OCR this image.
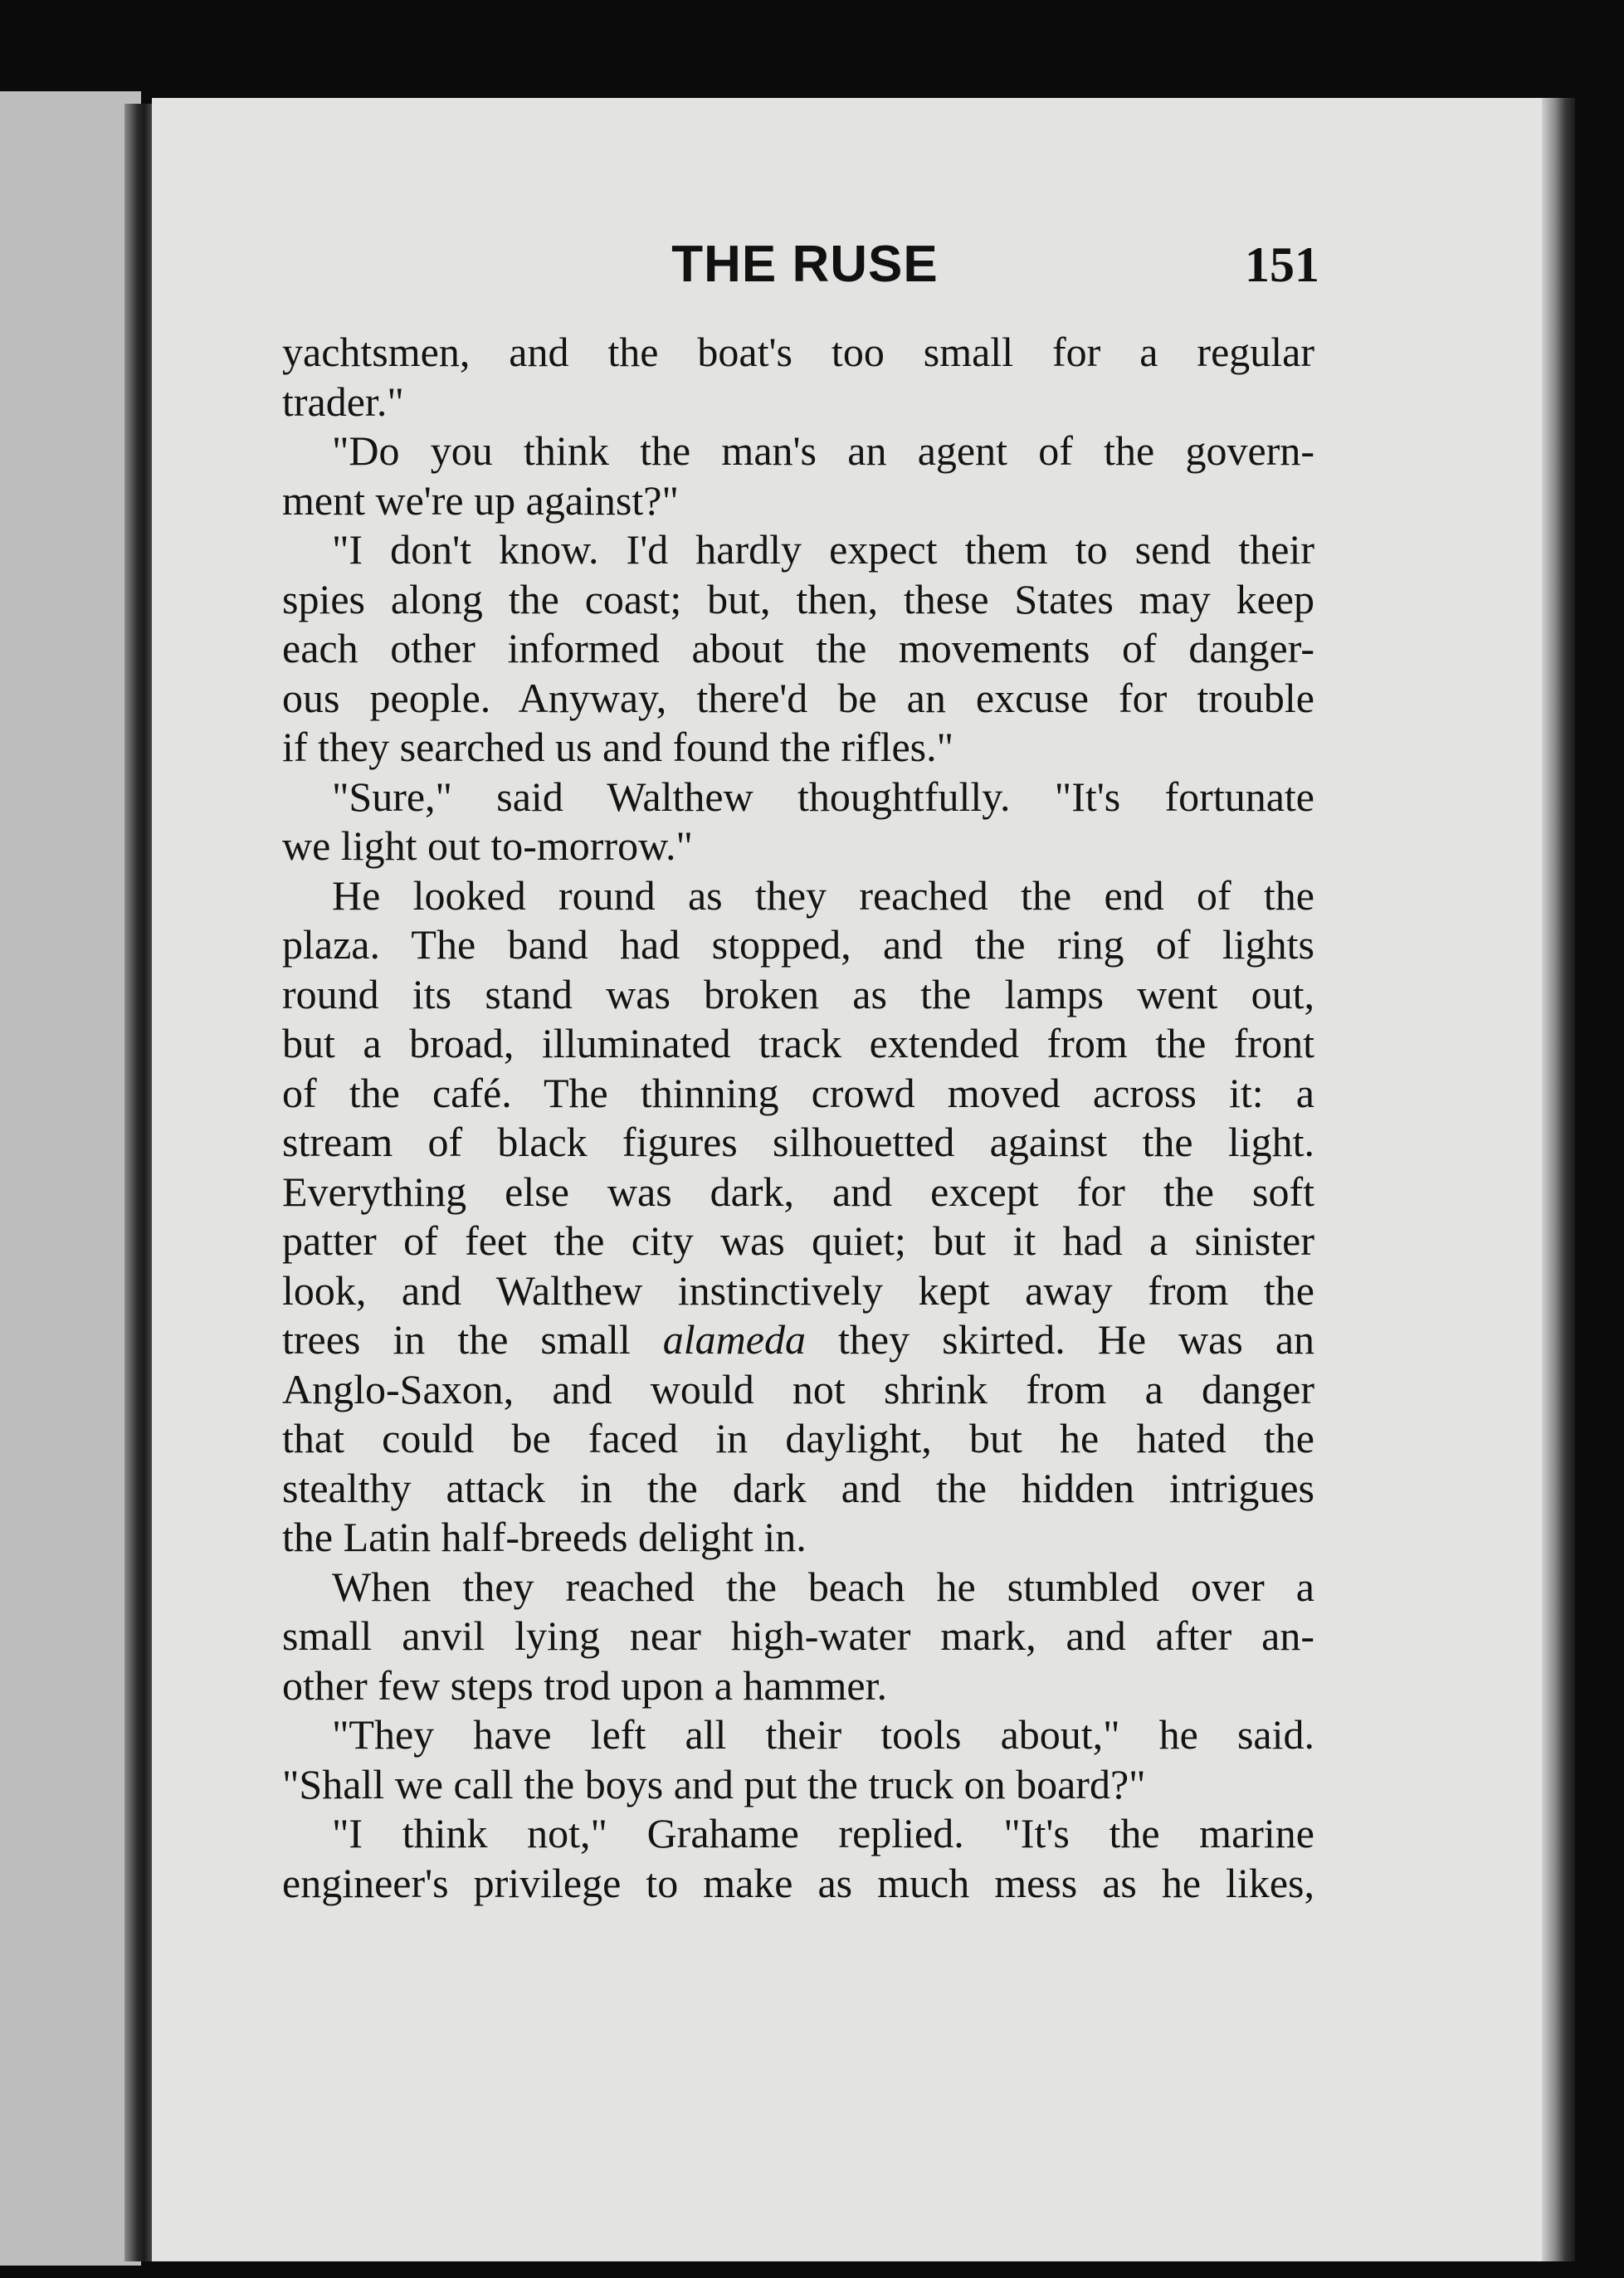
THE RUSE	151
yachtsmen, and the boat's too small for a regular
trader."
"Do you think the man's an agent of the govern-
ment we're up against?"
"I don't know. I'd hardly expect them to send their
spies along the coast; but, then, these States may keep
each other informed about the movements of danger-
ous people. Anyway, there'd be an excuse for trouble
if they searched us and found the rifles."
"Sure," said Walthew thoughtfully. "It's fortunate
we light out to-morrow."
He looked round as they reached the end of the
plaza. The band had stopped, and the ring of lights
round its stand was broken as the lamps went out,
but a broad, illuminated track extended from the front
of the café. The thinning crowd moved across it: a
stream of black figures silhouetted against the light.
Everything else was dark, and except for the soft
patter of feet the city was quiet; but it had a sinister
look, and Walthew instinctively kept away from the
trees in the small alameda they skirted. He was an
Anglo-Saxon, and would not shrink from a danger
that could be faced in daylight, but he hated the
stealthy attack in the dark and the hidden intrigues
the Latin half-breeds delight in.
When they reached the beach he stumbled over a
small anvil lying near high-water mark, and after an-
other few steps trod upon a hammer.
"They have left all their tools about," he said.
"Shall we call the boys and put the truck on board?"
"I think not," Grahame replied. "It's the marine
engineer's privilege to make as much mess as he likes,
